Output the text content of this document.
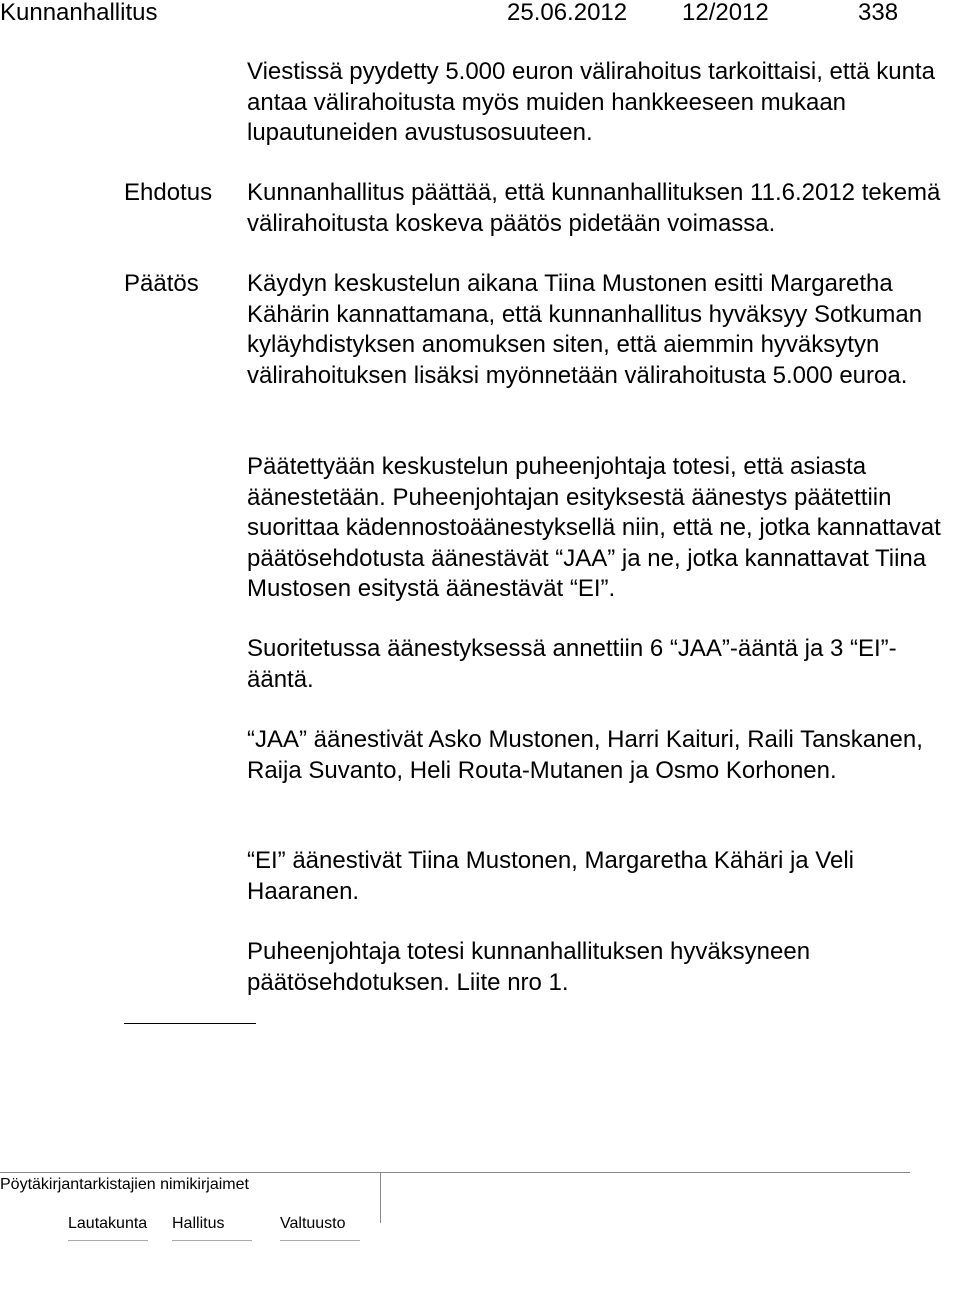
Kunnanhallitus	25.06.2012 12/2012	338

Viestissä pyydetty 5.000 euron välirahoitus tarkoittaisi, että kunta antaa välirahoitusta myös muiden hankkeeseen mukaan lupautuneiden avustusosuuteen.

Ehdotus Kunnanhallitus päättää, että kunnanhallituksen 11.6.2012 tekemä välirahoitusta koskeva päätös pidetään voimassa.

Päätös Käydyn keskustelun aikana Tiina Mustonen esitti Margaretha Kähärin kannattamana, että kunnanhallitus hyväksyy Sotkuman kyläyhdistyksen anomuksen siten, että aiemmin hyväksytyn välirahoituksen lisäksi myönnetään välirahoitusta 5.000 euroa.

Päätettyään keskustelun puheenjohtaja totesi, että asiasta äänestetään. Puheenjohtajan esityksestä äänestys päätettiin suorittaa kädennostoäänestyksellä niin, että ne, jotka kannattavat päätösehdotusta äänestävät “JAA” ja ne, jotka kannattavat Tiina Mustosen esitystä äänestävät “EI”.

Suoritetussa äänestyksessä annettiin 6 “JAA”-ääntä ja 3 “EI”-ääntä.

“JAA” äänestivät Asko Mustonen, Harri Kaituri, Raili Tanskanen, Raija Suvanto, Heli Routa-Mutanen ja Osmo Korhonen.

“EI” äänestivät Tiina Mustonen, Margaretha Kähäri ja Veli Haaranen.

Puheenjohtaja totesi kunnanhallituksen hyväksyneen päätösehdotuksen. Liite nro 1.

Pöytäkirjantarkistajien nimikirjaimet
Lautakunta Hallitus	Valtuusto
